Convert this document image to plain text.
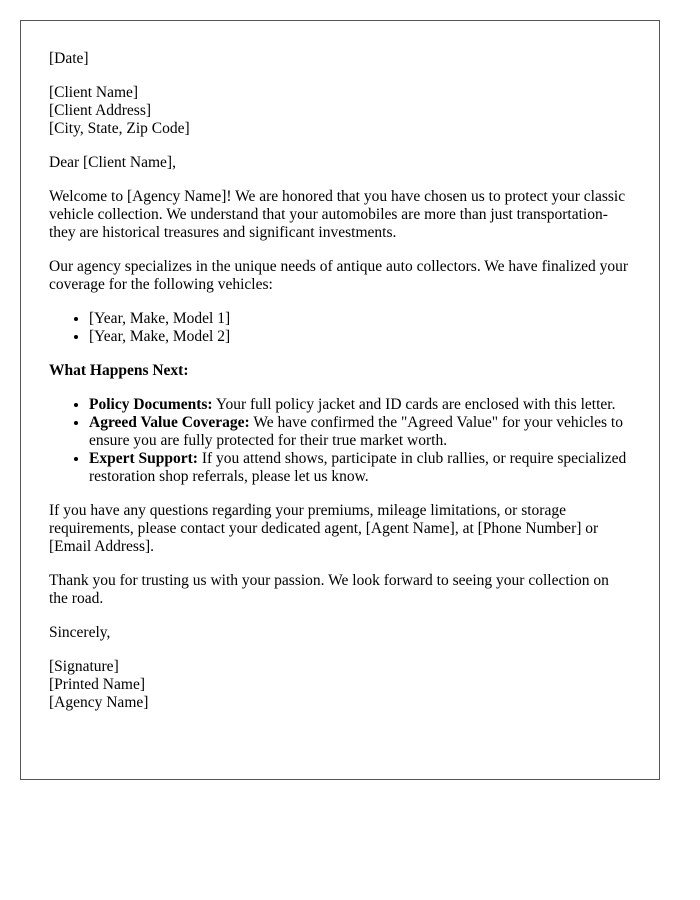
[Date]
[Client Name]
[Client Address]
[City, State, Zip Code]

Dear [Client Name],

Welcome to [Agency Name]! We are honored that you have chosen us to protect your classic vehicle collection. We understand that your automobiles are more than just transportation-they are historical treasures and significant investments.

Our agency specializes in the unique needs of antique auto collectors. We have finalized your coverage for the following vehicles:

• [Year, Make, Model 1]
• [Year, Make, Model 2]
What Happens Next:
• Policy Documents: Your full policy jacket and ID cards are enclosed with this letter.
• Agreed Value Coverage: We have confirmed the "Agreed Value" for your vehicles to ensure you are fully protected for their true market worth.
• Expert Support: If you attend shows, participate in club rallies, or require specialized restoration shop referrals, please let us know.

If you have any questions regarding your premiums, mileage limitations, or storage requirements, please contact your dedicated agent, [Agent Name], at [Phone Number] or [Email Address].

Thank you for trusting us with your passion. We look forward to seeing your collection on the road.

Sincerely,

[Signature]
[Printed Name]
[Agency Name]
